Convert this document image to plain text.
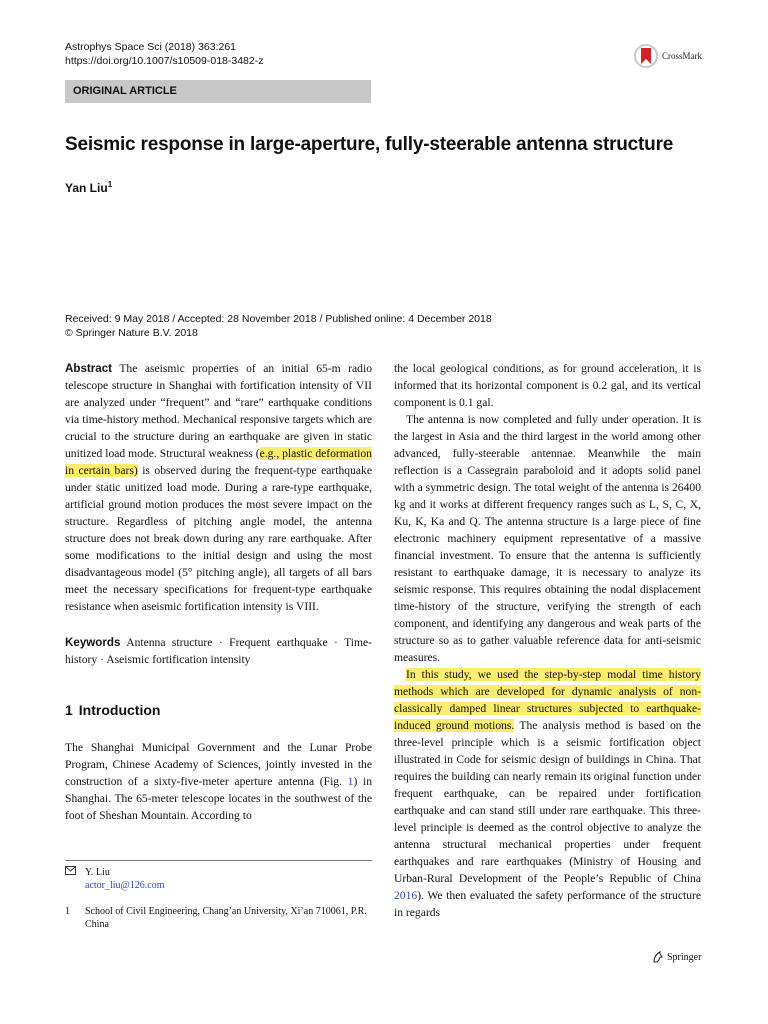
Astrophys Space Sci (2018) 363:261
https://doi.org/10.1007/s10509-018-3482-z	CrossMark
ORIGINAL ARTICLE
Seismic response in large-aperture, fully-steerable antenna structure
Yan Liu$^1$
Received: 9 May 2018 / Accepted: 28 November 2018 / Published online: 4 December 2018
© Springer Nature B.V. 2018

Abstract The aseismic properties of an initial 65-m radio telescope structure in Shanghai with fortification intensity of VII are analyzed under “frequent” and “rare” earthquake conditions via time-history method. Mechanical responsive targets which are crucial to the structure during an earthquake are given in static unitized load mode. Structural weakness (e.g., plastic deformation in certain bars) is observed during the frequent-type earthquake under static unitized load mode. During a rare-type earthquake, artificial ground motion produces the most severe impact on the structure. Regardless of pitching angle model, the antenna structure does not break down during any rare earthquake. After some modifications to the initial design and using the most disadvantageous model (5° pitching angle), all targets of all bars meet the necessary specifications for frequent-type earthquake resistance when aseismic fortification intensity is VIII.

Keywords Antenna structure · Frequent earthquake · Time-history · Aseismic fortification intensity

1 Introduction

The Shanghai Municipal Government and the Lunar Probe Program, Chinese Academy of Sciences, jointly invested in the construction of a sixty-five-meter aperture antenna (Fig. 1) in Shanghai. The 65-meter telescope locates in the southwest of the foot of Sheshan Mountain. According to

the local geological conditions, as for ground acceleration, it is informed that its horizontal component is 0.2 gal, and its vertical component is 0.1 gal.

The antenna is now completed and fully under operation. It is the largest in Asia and the third largest in the world among other advanced, fully-steerable antennae. Meanwhile the main reflection is a Cassegrain paraboloid and it adopts solid panel with a symmetric design. The total weight of the antenna is 26400 kg and it works at different frequency ranges such as L, S, C, X, Ku, K, Ka and Q. The antenna structure is a large piece of fine electronic machinery equipment representative of a massive financial investment. To ensure that the antenna is sufficiently resistant to earthquake damage, it is necessary to analyze its seismic response. This requires obtaining the nodal displacement time-history of the structure, verifying the strength of each component, and identifying any dangerous and weak parts of the structure so as to gather valuable reference data for anti-seismic measures.

In this study, we used the step-by-step modal time history methods which are developed for dynamic analysis of non-classically damped linear structures subjected to earthquake-induced ground motions. The analysis method is based on the three-level principle which is a seismic fortification object illustrated in Code for seismic design of buildings in China. That requires the building can nearly remain its original function under frequent earthquake, can be repaired under fortification earthquake and can stand still under rare earthquake. This three-level principle is deemed as the control objective to analyze the antenna structural mechanical properties under frequent earthquakes and rare earthquakes (Ministry of Housing and Urban-Rural Development of the People’s Republic of China 2016). We then evaluated the safety performance of the structure in regards

Y. Liu
actor_liu@126.com
1	School of Civil Engineering, Chang’an University, Xi’an 710061, P.R. China
Springer
